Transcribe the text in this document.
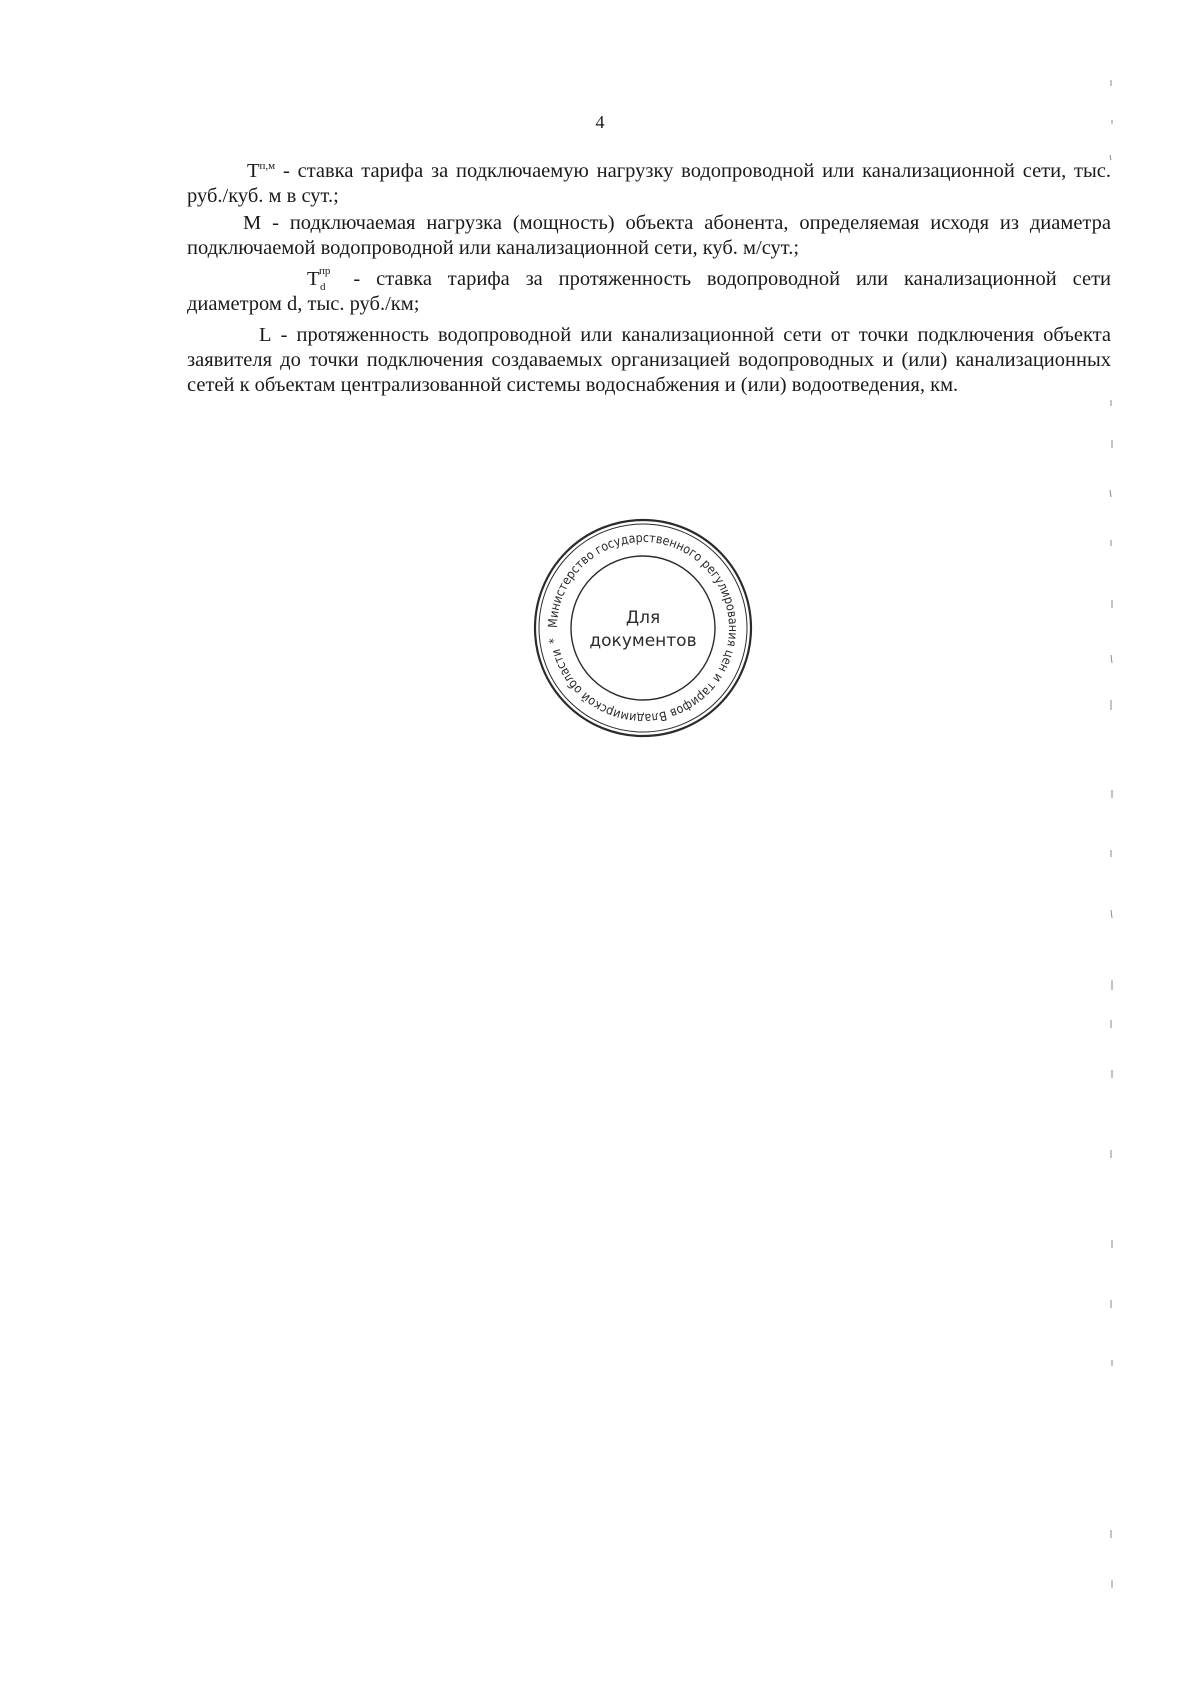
4

$Т^{п,м}$ - ставка тарифа за подключаемую нагрузку водопроводной или канализационной сети, тыс. руб./куб. м в сут.;

М - подключаемая нагрузка (мощность) объекта абонента, определяемая исходя из диаметра подключаемой водопроводной или канализационной сети, куб. м/сут.;

Т пр
d - ставка тарифа за протяженность водопроводной или канализационной сети диаметром d, тыс. руб./км;

L - протяженность водопроводной или канализационной сети от точки подключения объекта заявителя до точки подключения создаваемых организацией водопроводных и (или) канализационных сетей к объектам централизованной системы водоснабжения и (или) водоотведения, км.

Министерство государственного регулирования цен и тарифов Владимирской области*
Для
документов
